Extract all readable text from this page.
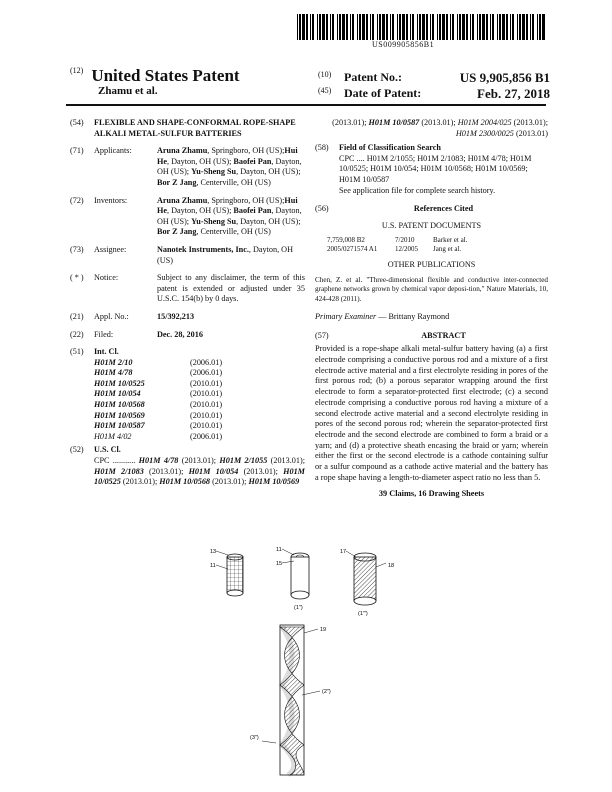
US009905856B1
$^{(12)}$ United States Patent
Zhamu et al.
(10)	Patent No.:	US 9,905,856 B1
(45)	Date of Patent:	Feb. 27, 2018
(54)	FLEXIBLE AND SHAPE-CONFORMAL ROPE-SHAPE ALKALI METAL-SULFUR BATTERIES
(71)	Applicants:	Aruna Zhamu, Springboro, OH (US);Hui He, Dayton, OH (US); Baofei Pan, Dayton, OH (US); Yu-Sheng Su, Dayton, OH (US); Bor Z Jang, Centerville, OH (US)
(72)	Inventors:	Aruna Zhamu, Springboro, OH (US);Hui He, Dayton, OH (US); Baofei Pan, Dayton, OH (US); Yu-Sheng Su, Dayton, OH (US); Bor Z Jang, Centerville, OH (US)
(73)	Assignee:	Nanotek Instruments, Inc., Dayton, OH (US)
( * )	Notice:	Subject to any disclaimer, the term of this patent is extended or adjusted under 35 U.S.C. 154(b) by 0 days.
(21)	Appl. No.:	15/392,213
(22)	Filed:	Dec. 28, 2016
(51)	Int. Cl.
H01M 2/10	(2006.01)
H01M 4/78	(2006.01)
H01M 10/0525	(2010.01)
H01M 10/054	(2010.01)
H01M 10/0568	(2010.01)
H01M 10/0569	(2010.01)
H01M 10/0587	(2010.01)
H01M 4/02	(2006.01)
(52)	U.S. Cl.
CPC ........... H01M 4/78 (2013.01); H01M 2/1055 (2013.01); H01M 2/1083 (2013.01); H01M 10/054 (2013.01); H01M 10/0525 (2013.01); H01M 10/0568 (2013.01); H01M 10/0569
(2013.01); H01M 10/0587 (2013.01); H01M 2004/025 (2013.01); H01M 2300/0025 (2013.01)
(58)	Field of Classification Search
CPC .... H01M 2/1055; H01M 2/1083; H01M 4/78; H01M 10/0525; H01M 10/054; H01M 10/0568; H01M 10/0569; H01M 10/0587
See application file for complete search history.
(56)	References Cited
U.S. PATENT DOCUMENTS
7,759,008 B2	7/2010	Barker et al.
2005/0271574 A1	12/2005	Jang et al.
OTHER PUBLICATIONS
Chen, Z. et al. "Three-dimensional flexible and conductive inter-connected graphene networks grown by chemical vapor deposi-tion," Nature Materials, 10, 424-428 (2011).
Primary Examiner — Brittany Raymond
(57)	ABSTRACT
Provided is a rope-shape alkali metal-sulfur battery having (a) a first electrode comprising a conductive porous rod and a mixture of a first electrode active material and a first electrolyte residing in pores of the first porous rod; (b) a porous separator wrapping around the first electrode to form a separator-protected first electrode; (c) a second electrode comprising a conductive porous rod having a mixture of a second electrode active material and a second electrolyte residing in pores of the second porous rod; wherein the separator-protected first electrode and the second electrode are combined to form a braid or a yarn; and (d) a protective sheath encasing the braid or yarn; wherein either the first or the second electrode is a cathode containing sulfur or a sulfur compound as a cathode active material and the battery has a rope shape having a length-to-diameter aspect ratio no less than 5.
39 Claims, 16 Drawing Sheets
13
11
11
15
(1")
17
18
(1"')
19
(2")
(3")
